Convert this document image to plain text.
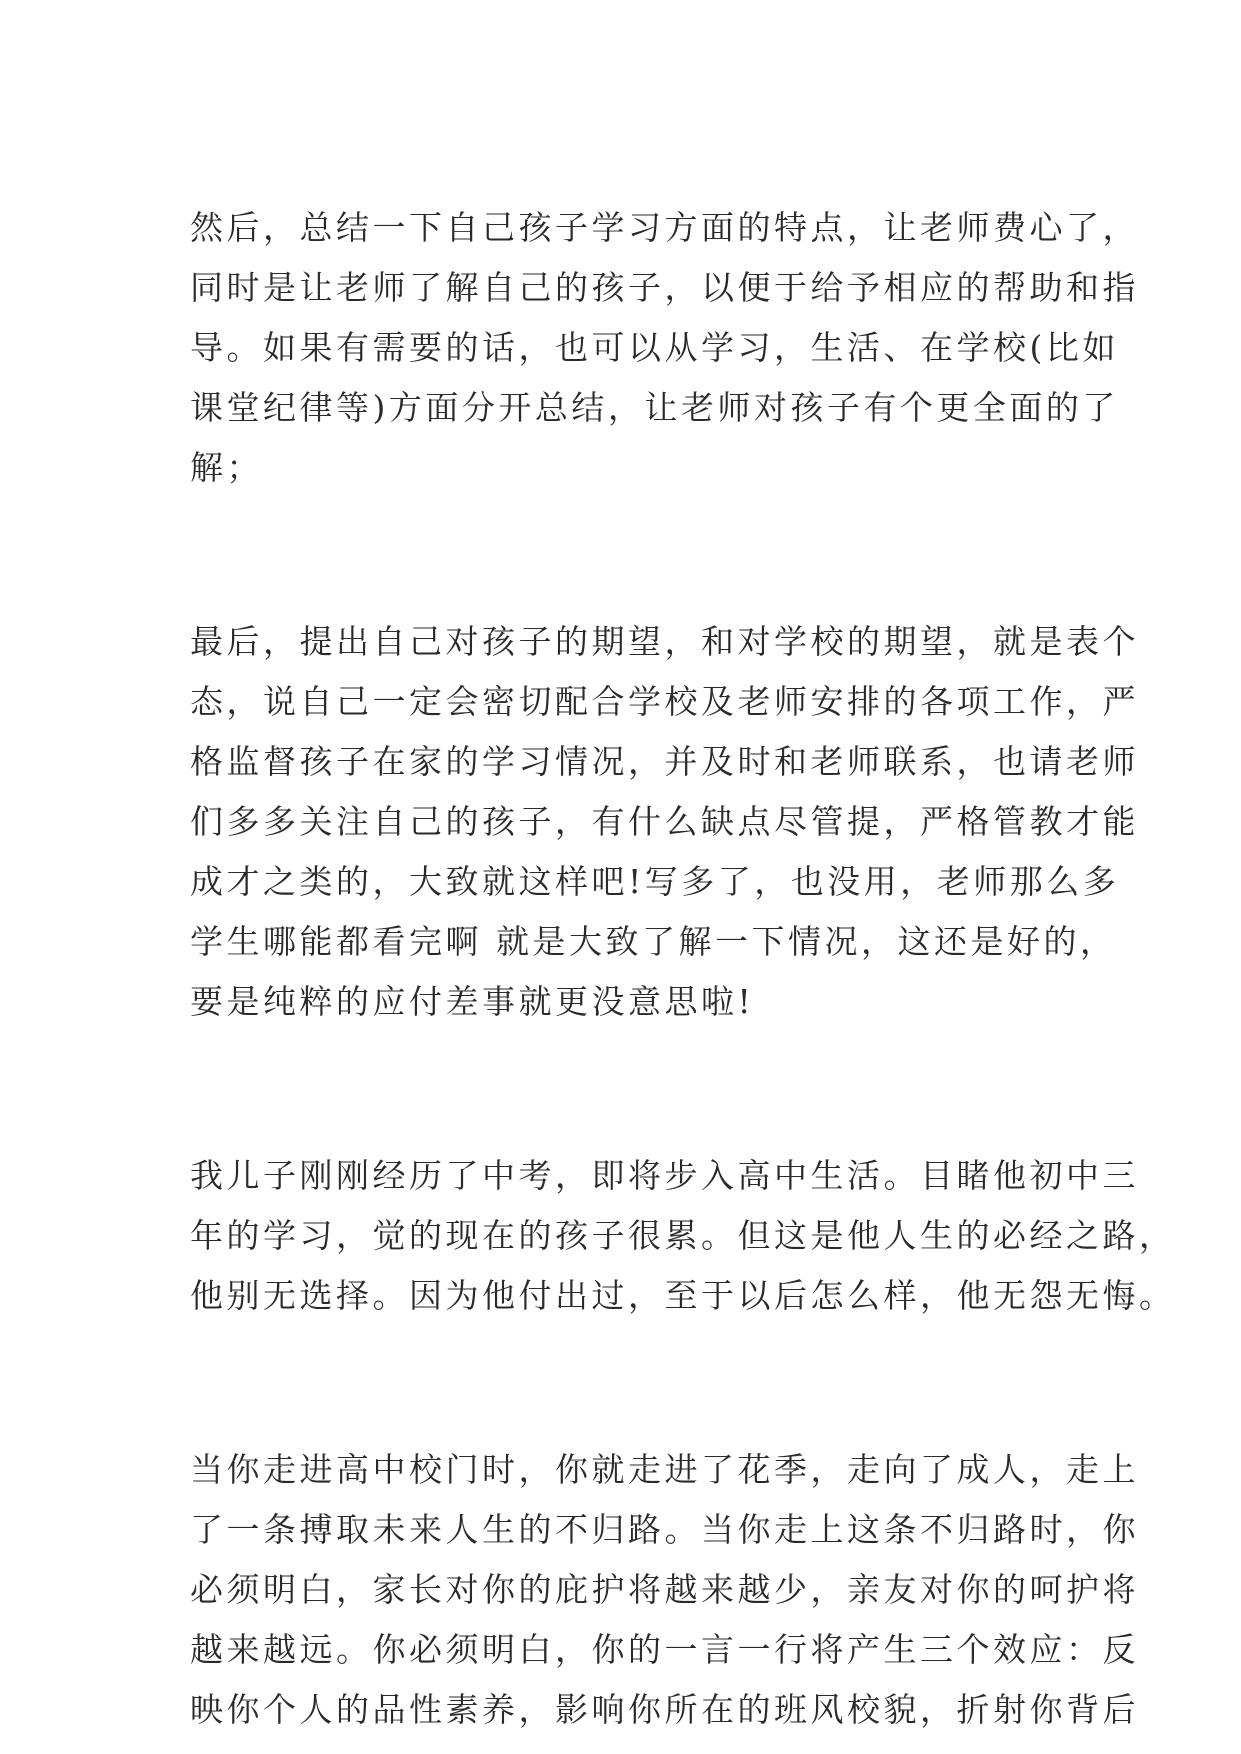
然后，总结一下自己孩子学习方面的特点，让老师费心了，
同时是让老师了解自己的孩子，以便于给予相应的帮助和指
导。如果有需要的话，也可以从学习，生活、在学校(比如
课堂纪律等)方面分开总结，让老师对孩子有个更全面的了
解；
最后，提出自己对孩子的期望，和对学校的期望，就是表个
态，说自己一定会密切配合学校及老师安排的各项工作，严
格监督孩子在家的学习情况，并及时和老师联系，也请老师
们多多关注自己的孩子，有什么缺点尽管提，严格管教才能
成才之类的，大致就这样吧!写多了，也没用，老师那么多
学生哪能都看完啊 就是大致了解一下情况，这还是好的，
要是纯粹的应付差事就更没意思啦!
我儿子刚刚经历了中考，即将步入高中生活。目睹他初中三
年的学习，觉的现在的孩子很累。但这是他人生的必经之路，
他别无选择。因为他付出过，至于以后怎么样，他无怨无悔。
当你走进高中校门时，你就走进了花季，走向了成人，走上
了一条搏取未来人生的不归路。当你走上这条不归路时，你
必须明白，家长对你的庇护将越来越少，亲友对你的呵护将
越来越远。你必须明白，你的一言一行将产生三个效应：反
映你个人的品性素养，影响你所在的班风校貌，折射你背后
